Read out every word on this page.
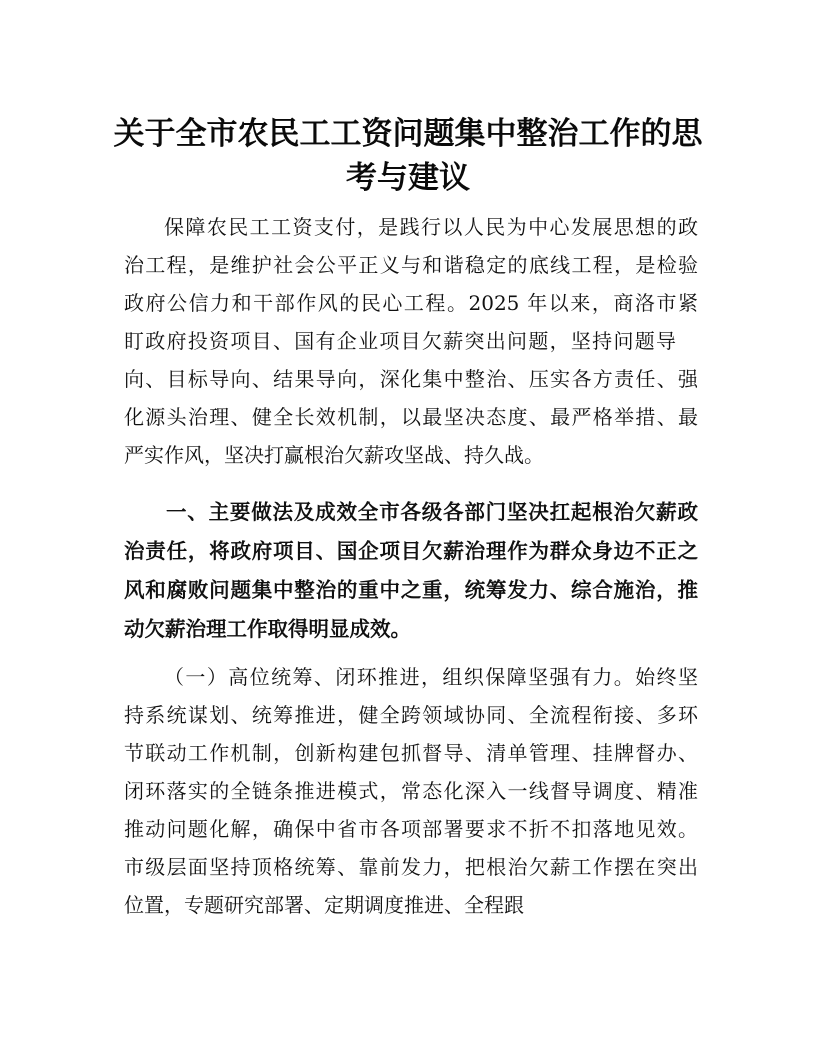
关于全市农民工工资问题集中整治工作的思
考与建议
保障农民工工资支付，是践行以人民为中心发展思想的政
治工程，是维护社会公平正义与和谐稳定的底线工程，是检验
政府公信力和干部作风的民心工程。2025 年以来，商洛市紧
盯政府投资项目、国有企业项目欠薪突出问题，坚持问题导
向、目标导向、结果导向，深化集中整治、压实各方责任、强
化源头治理、健全长效机制，以最坚决态度、最严格举措、最
严实作风，坚决打赢根治欠薪攻坚战、持久战。
一、主要做法及成效全市各级各部门坚决扛起根治欠薪政
治责任，将政府项目、国企项目欠薪治理作为群众身边不正之
风和腐败问题集中整治的重中之重，统筹发力、综合施治，推
动欠薪治理工作取得明显成效。
（一）高位统筹、闭环推进，组织保障坚强有力。始终坚
持系统谋划、统筹推进，健全跨领域协同、全流程衔接、多环
节联动工作机制，创新构建包抓督导、清单管理、挂牌督办、
闭环落实的全链条推进模式，常态化深入一线督导调度、精准
推动问题化解，确保中省市各项部署要求不折不扣落地见效。
市级层面坚持顶格统筹、靠前发力，把根治欠薪工作摆在突出
位置，专题研究部署、定期调度推进、全程跟
